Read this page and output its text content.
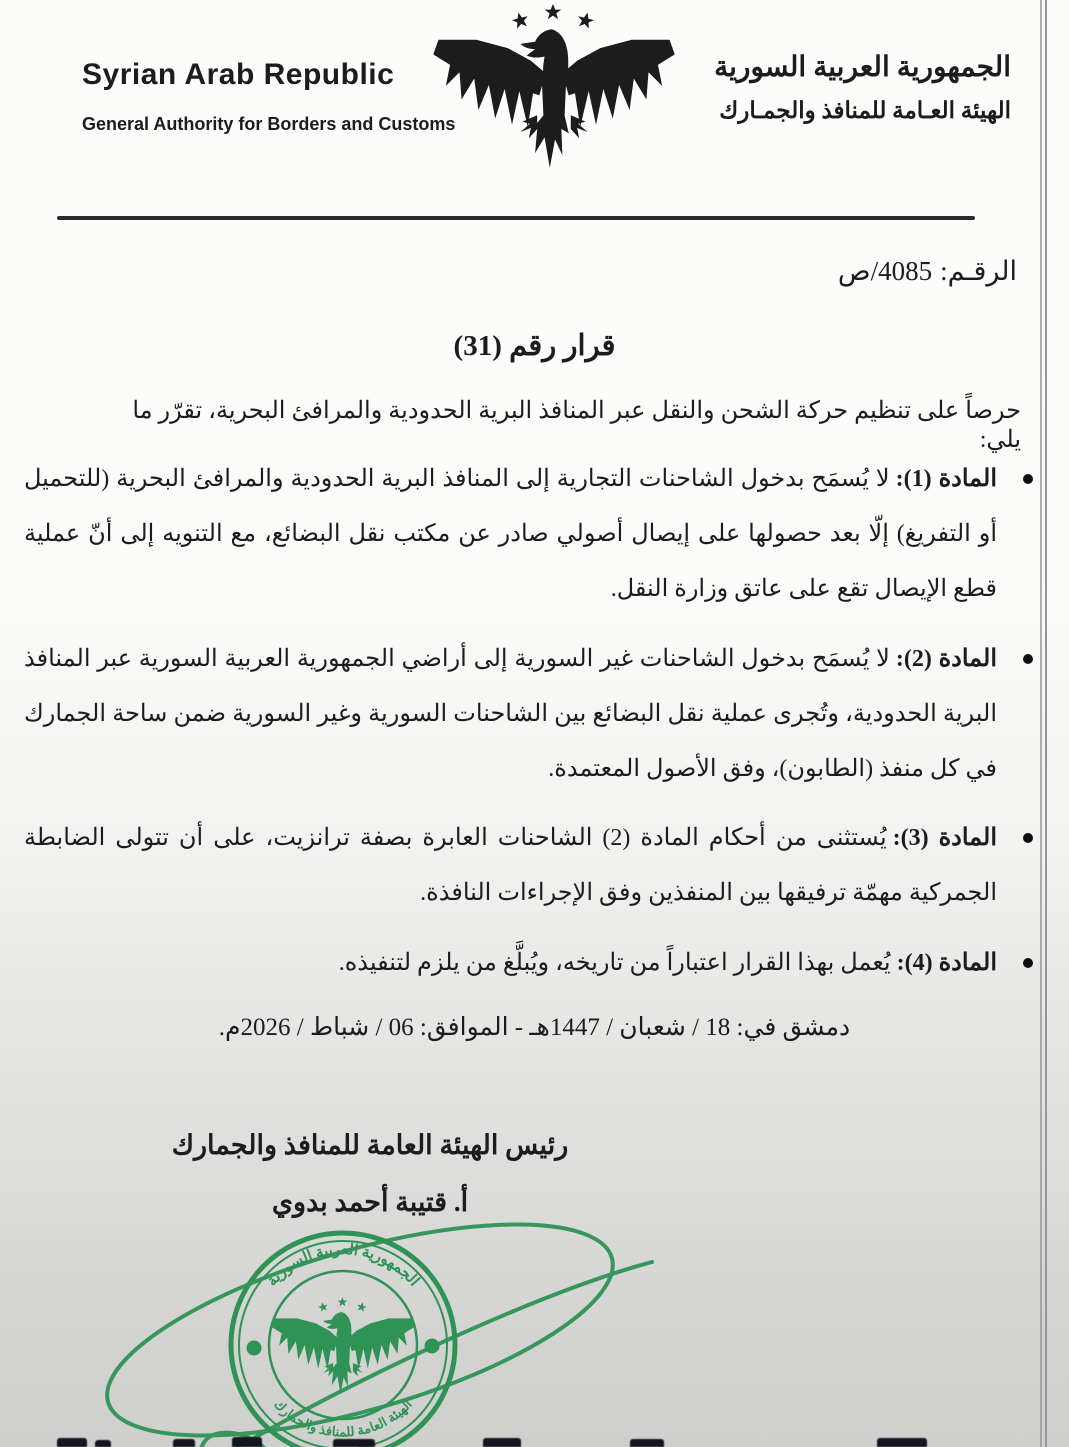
Syrian Arab Republic
General Authority for Borders and Customs
الجمهورية العربية السورية
الهيئة العـامة للمنافذ والجمـارك
الرقـم:4085/ص
قرار رقم (31)

حرصاً على تنظيم حركة الشحن والنقل عبر المنافذ البرية الحدودية والمرافئ البحرية، تقرّر ما يلي:

المادة (1):لا يُسمَح بدخول الشاحنات التجارية إلى المنافذ البرية الحدودية والمرافئ البحرية (للتحميل أو التفريغ) إلّا بعد حصولها على إيصال أصولي صادر عن مكتب نقل البضائع، مع التنويه إلى أنّ عملية قطع الإيصال تقع على عاتق وزارة النقل.
المادة (2):لا يُسمَح بدخول الشاحنات غير السورية إلى أراضي الجمهورية العربية السورية عبر المنافذ البرية الحدودية، وتُجرى عملية نقل البضائع بين الشاحنات السورية وغير السورية ضمن ساحة الجمارك في كل منفذ (الطابون)، وفق الأصول المعتمدة.
المادة (3):يُستثنى من أحكام المادة (2) الشاحنات العابرة بصفة ترانزيت، على أن تتولى الضابطة الجمركية مهمّة ترفيقها بين المنفذين وفق الإجراءات النافذة.
المادة (4):يُعمل بهذا القرار اعتباراً من تاريخه، ويُبلَّغ من يلزم لتنفيذه.

دمشق في: 18 / شعبان / 1447هـ - الموافق: 06 / شباط / 2026م.

رئيس الهيئة العامة للمنافذ والجمارك
أ. قتيبة أحمد بدوي
الجمهورية العربية السورية
الهيئة العامة للمنافذ والجمارك
